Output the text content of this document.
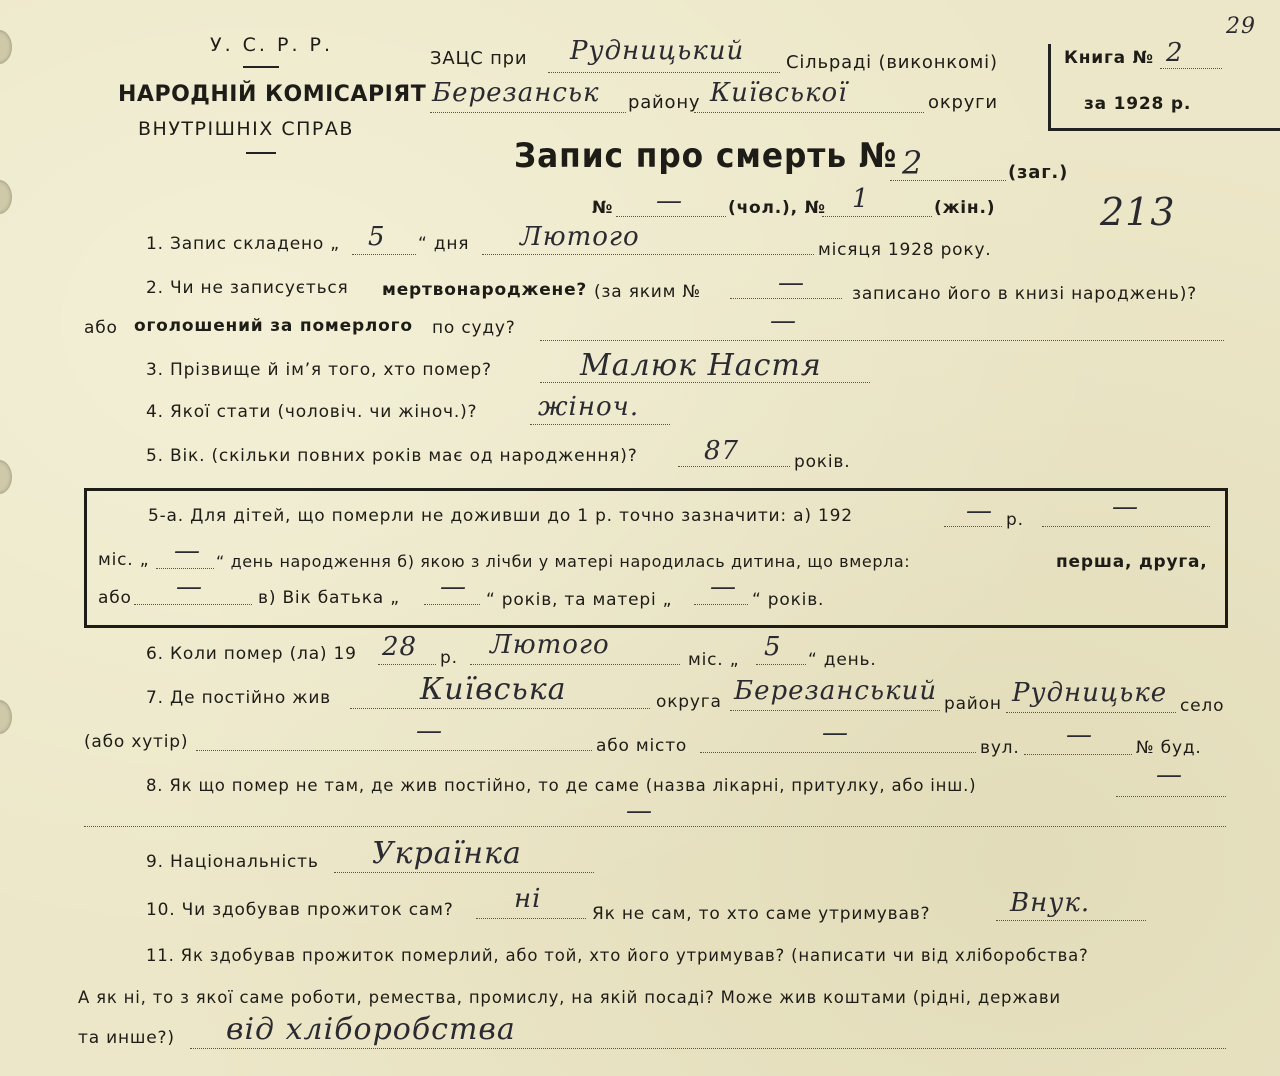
У. С. Р. Р.
НАРОДНІЙ КОМІСАРІЯТ
ВНУТРІШНІХ СПРАВ
ЗАЦС при Рудницький Сільраді (виконкомі)
Березанськ району Київської	округи
Книга № 2
29
за 1928 р.
Запис про смерть № 2	(заг.)
№ —	(чол.), № 1	(жін.)	213
1. Запис складено „ 5 “ дня Лютого	місяця 1928 року.
2. Чи не записується мертвонароджене? (за яким №	—	записано його в книзі народжень)?
або оголошений за померлого по суду?	—
3. Прізвище й ім’я того, хто помер?	Малюк Настя
4. Якої стати (чоловіч. чи жіноч.)? жіноч.
5. Вік. (скільки повних років має од народження)?	87	років.
5-а. Для дітей, що померли не доживши до 1 р. точно зазначити: а) 192	— р.	—
міс. „ — “ день народження б) якою з лічби у матері народилась дитина, що вмерла:	перша, друга,
або —	в) Вік батька „ — “ років, та матері „ — “ років.
6. Коли помер (ла) 19 28 р. Лютого	міс. „ 5 “ день.
7. Де постійно жив	Київська	округа Березанський район Рудницьке село
(або хутір)	—	або місто	—	вул. —	№ буд.
8. Як що помер не там, де жив постійно, то де саме (назва лікарні, притулку, або інш.)	—
—
9. Національність Українка
10. Чи здобував прожиток сам? ні	Як не сам, то хто саме утримував?	Внук.
11. Як здобував прожиток померлий, або той, хто його утримував? (написати чи від хліборобства?
А як ні, то з якої саме роботи, ремества, промислу, на якій посаді? Може жив коштами (рідні, держави
та инше?) від хліборобства
